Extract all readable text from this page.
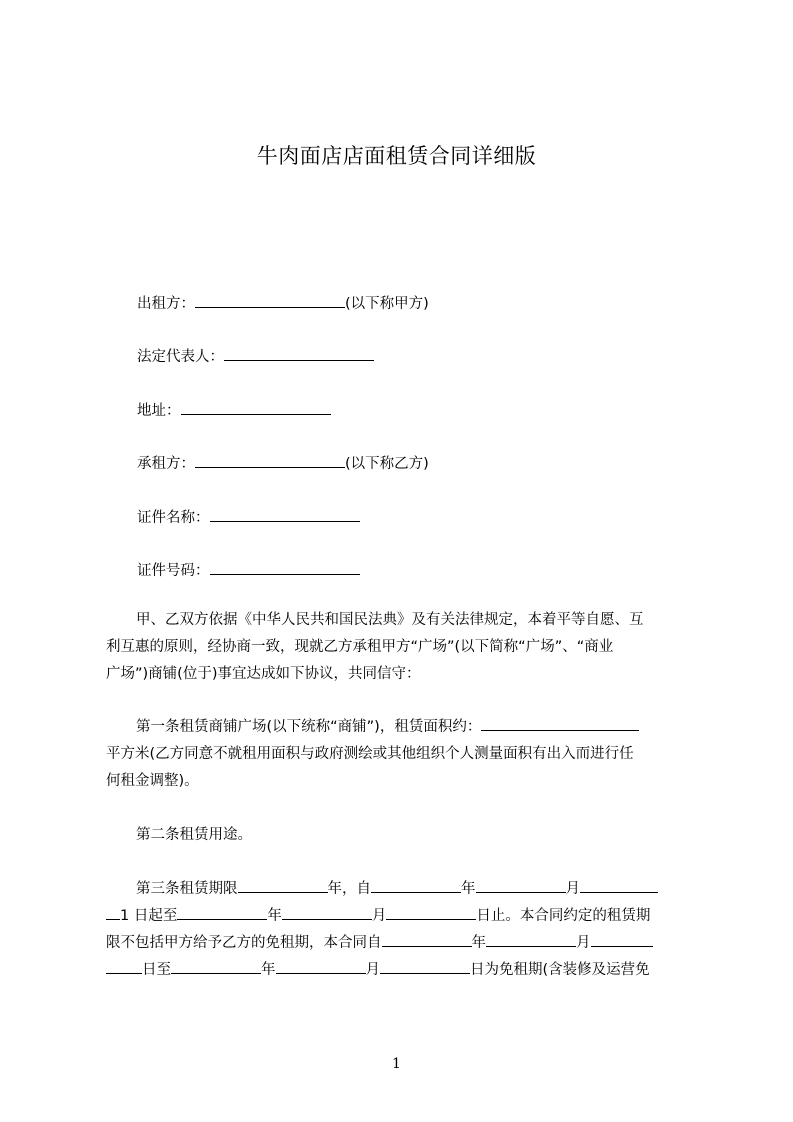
牛肉面店店面租赁合同详细版
出租方：	(以下称甲方)
法定代表人：
地址：
承租方：	(以下称乙方)
证件名称：
证件号码：
甲、乙双方依据《中华人民共和国民法典》及有关法律规定，本着平等自愿、互
利互惠的原则，经协商一致，现就乙方承租甲方“广场”(以下简称“广场”、“商业
广场”)商铺(位于)事宜达成如下协议，共同信守：
第一条租赁商铺广场(以下统称“商铺”)，租赁面积约：
平方米(乙方同意不就租用面积与政府测绘或其他组织个人测量面积有出入而进行任
何租金调整)。
第二条租赁用途。
第三条租赁期限	年，自	年	月
1 日起至	年	月	日止。本合同约定的租赁期
限不包括甲方给予乙方的免租期，本合同自	年	月
日至	年	月	日为免租期(含装修及运营免
1
